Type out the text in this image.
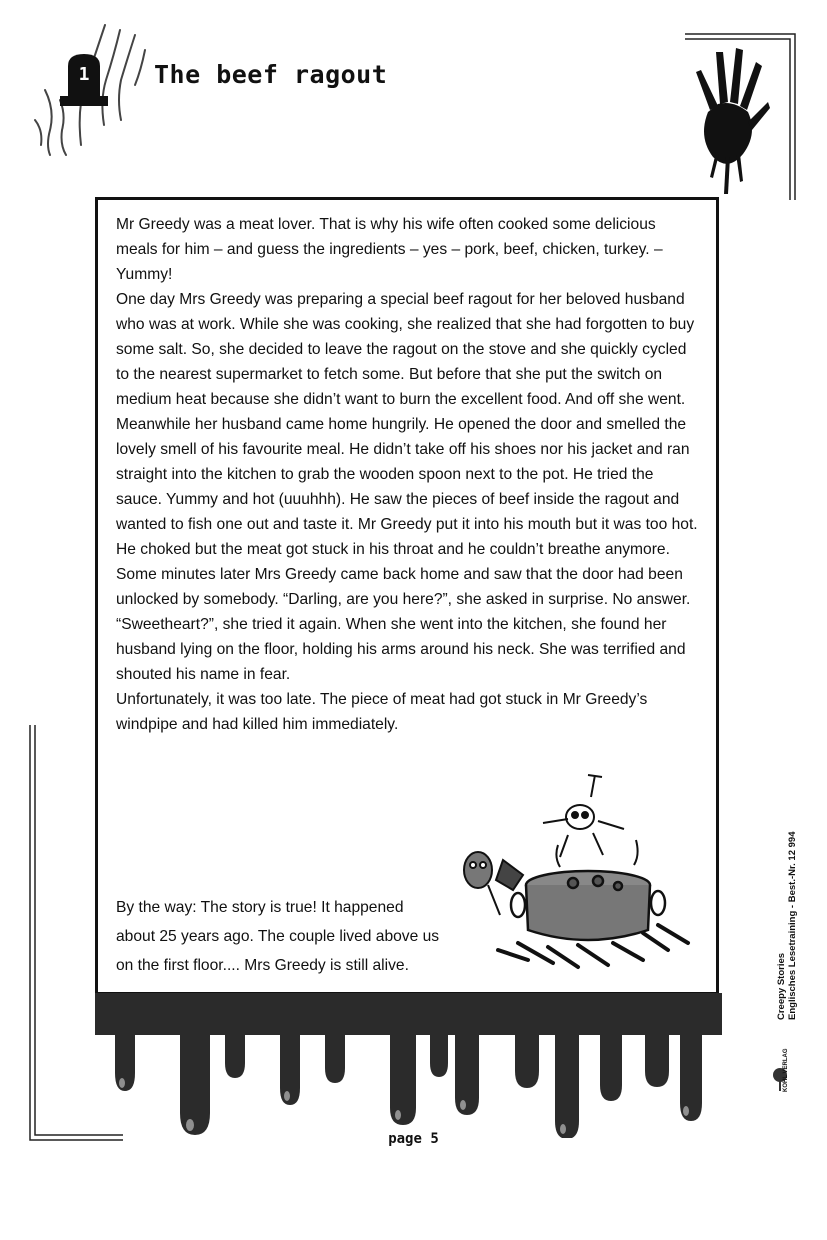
1	The beef ragout

Mr Greedy was a meat lover. That is why his wife often cooked some delicious meals for him – and guess the ingredients – yes – pork, beef, chicken, turkey. – Yummy!

One day Mrs Greedy was preparing a special beef ragout for her beloved husband who was at work. While she was cooking, she realized that she had forgotten to buy some salt. So, she decided to leave the ragout on the stove and she quickly cycled to the nearest supermarket to fetch some. But before that she put the switch on medium heat because she didn’t want to burn the excellent food. And off she went.

Meanwhile her husband came home hungrily. He opened the door and smelled the lovely smell of his favourite meal. He didn’t take off his shoes nor his jacket and ran straight into the kitchen to grab the wooden spoon next to the pot. He tried the sauce. Yummy and hot (uuuhhh). He saw the pieces of beef inside the ragout and wanted to fish one out and taste it. Mr Greedy put it into his mouth but it was too hot. He choked but the meat got stuck in his throat and he couldn’t breathe anymore.

Some minutes later Mrs Greedy came back home and saw that the door had been unlocked by somebody. “Darling, are you here?”, she asked in surprise. No answer. “Sweetheart?”, she tried it again. When she went into the kitchen, she found her husband lying on the floor, holding his arms around his neck. She was terrified and shouted his name in fear.

Unfortunately, it was too late. The piece of meat had got stuck in Mr Greedy’s windpipe and had killed him immediately.

By the way: The story is true! It happened about 25 years ago. The couple lived above us on the first floor.... Mrs Greedy is still alive.
page 5
Creepy Stories Englisches Lesetraining - Best.-Nr. 12 994
KOHL VERLAG
